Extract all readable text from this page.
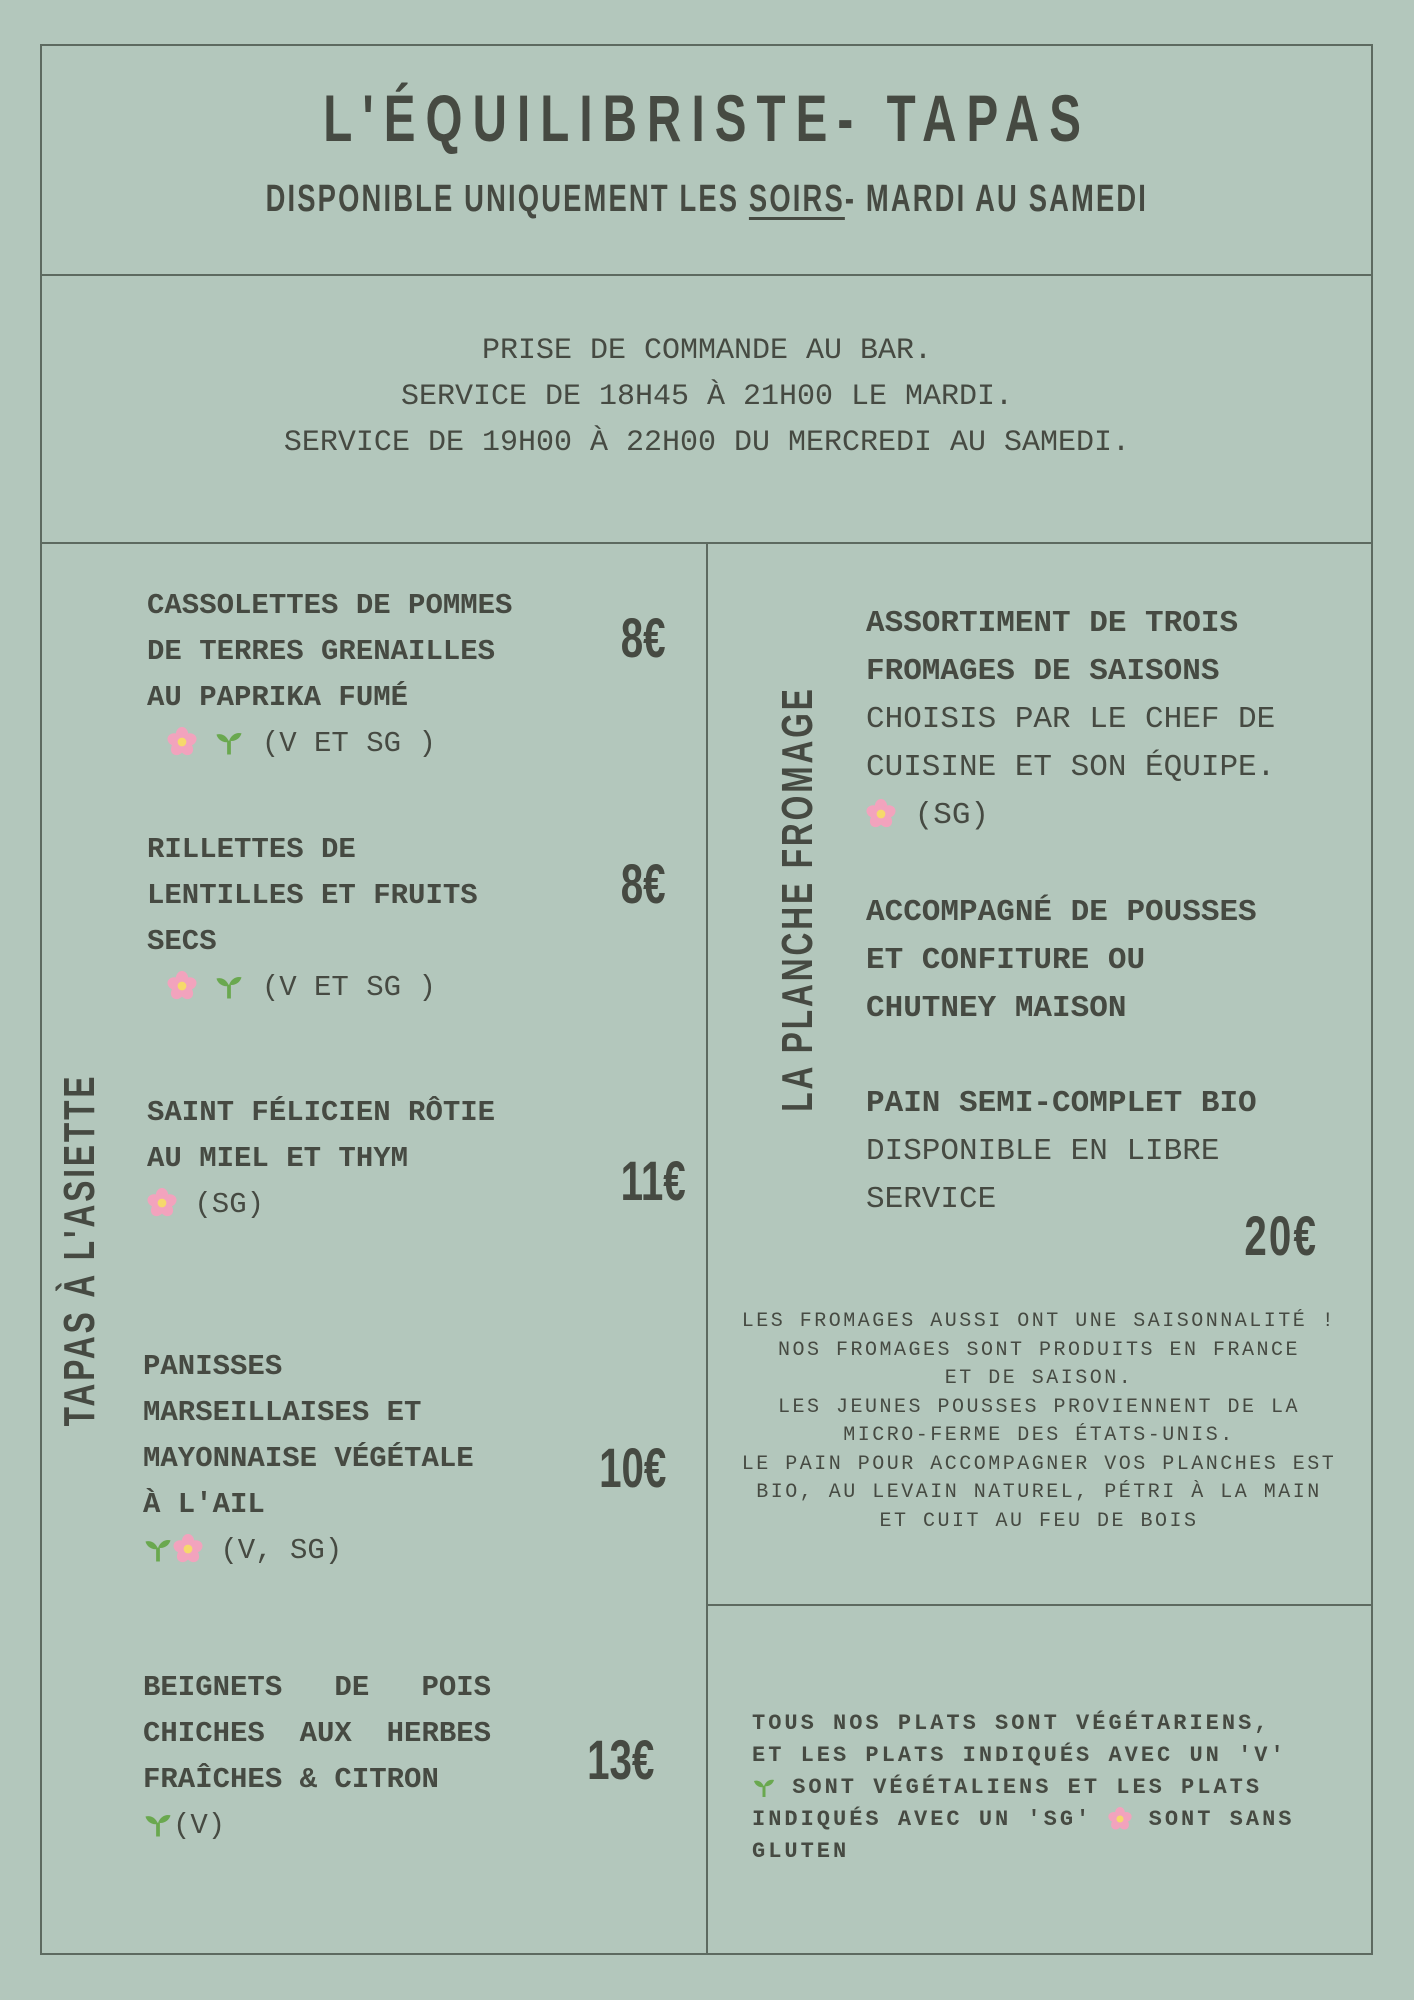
L'ÉQUILIBRISTE- TAPAS
DISPONIBLE UNIQUEMENT LES SOIRS- MARDI AU SAMEDI
PRISE DE COMMANDE AU BAR.
SERVICE DE 18H45 À 21H00 LE MARDI.
SERVICE DE 19H00 À 22H00 DU MERCREDI AU SAMEDI.
TAPAS À L'ASIETTE
CASSOLETTES DE POMMES
DE TERRES GRENAILLES
AU PAPRIKA FUMÉ
(V ET SG )
8€
RILLETTES DE
LENTILLES ET FRUITS
SECS
(V ET SG )
8€
SAINT FÉLICIEN RÔTIE
AU MIEL ET THYM
(SG)	11€
PANISSES
MARSEILLAISES ET
MAYONNAISE VÉGÉTALE
À L'AIL
(V, SG)
10€
BEIGNETS   DE   POIS
CHICHES  AUX  HERBES
FRAÎCHES & CITRON
(V)
13€
LA PLANCHE FROMAGE
ASSORTIMENT DE TROIS
FROMAGES DE SAISONS
CHOISIS PAR LE CHEF DE
CUISINE ET SON ÉQUIPE.
(SG)
ACCOMPAGNÉ DE POUSSES
ET CONFITURE OU
CHUTNEY MAISON
PAIN SEMI-COMPLET BIO
DISPONIBLE EN LIBRE
SERVICE
20€
LES FROMAGES AUSSI ONT UNE SAISONNALITÉ !
NOS FROMAGES SONT PRODUITS EN FRANCE
ET DE SAISON.
LES JEUNES POUSSES PROVIENNENT DE LA
MICRO-FERME DES ÉTATS-UNIS.
LE PAIN POUR ACCOMPAGNER VOS PLANCHES EST
BIO, AU LEVAIN NATUREL, PÉTRI À LA MAIN
ET CUIT AU FEU DE BOIS
TOUS NOS PLATS SONT VÉGÉTARIENS,
ET LES PLATS INDIQUÉS AVEC UN 'V'
SONT VÉGÉTALIENS ET LES PLATS
INDIQUÉS AVEC UN 'SG'	SONT SANS
GLUTEN
